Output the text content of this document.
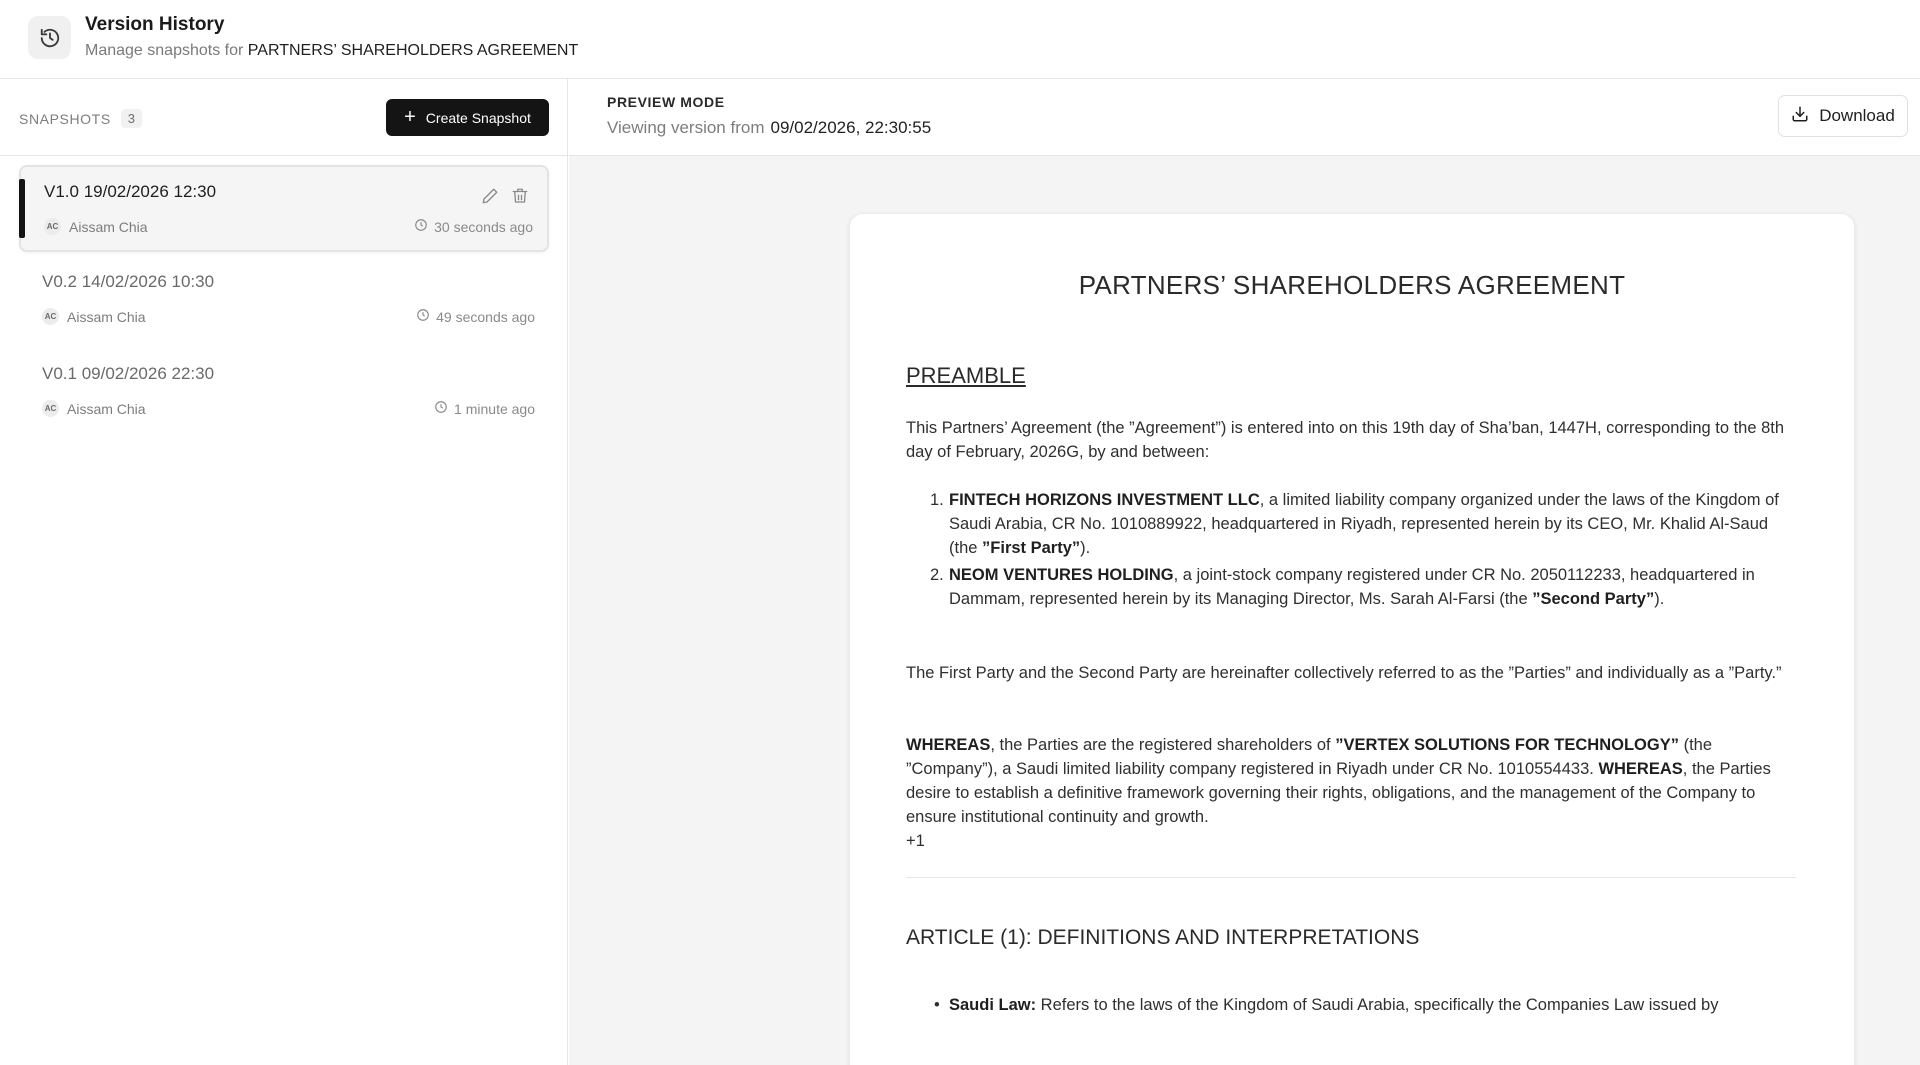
Version History
Manage snapshots for PARTNERS’ SHAREHOLDERS AGREEMENT
SNAPSHOTS	3	+ Create Snapshot
V1.0 19/02/2026 12:30
AC Aissam Chia	30 seconds ago
V0.2 14/02/2026 10:30
AC Aissam Chia	49 seconds ago
V0.1 09/02/2026 22:30
AC Aissam Chia	1 minute ago
PREVIEW MODE
Viewing version from 09/02/2026, 22:30:55
Download
PARTNERS’ SHAREHOLDERS AGREEMENT
PREAMBLE

This Partners’ Agreement (the ”Agreement”) is entered into on this 19th day of Sha’ban, 1447H, corresponding to the 8th day of February, 2026G, by and between:

1. FINTECH HORIZONS INVESTMENT LLC, a limited liability company organized under the laws of the Kingdom of Saudi Arabia, CR No. 1010889922, headquartered in Riyadh, represented herein by its CEO, Mr. Khalid Al-Saud (the ”First Party”).
2. NEOM VENTURES HOLDING, a joint-stock company registered under CR No. 2050112233, headquartered in Dammam, represented herein by its Managing Director, Ms. Sarah Al-Farsi (the ”Second Party”).

The First Party and the Second Party are hereinafter collectively referred to as the ”Parties” and individually as a ”Party.”

WHEREAS, the Parties are the registered shareholders of ”VERTEX SOLUTIONS FOR TECHNOLOGY” (the ”Company”), a Saudi limited liability company registered in Riyadh under CR No. 1010554433. WHEREAS, the Parties desire to establish a definitive framework governing their rights, obligations, and the management of the Company to ensure institutional continuity and growth.

+1

ARTICLE (1): DEFINITIONS AND INTERPRETATIONS

• Saudi Law: Refers to the laws of the Kingdom of Saudi Arabia, specifically the Companies Law issued by
